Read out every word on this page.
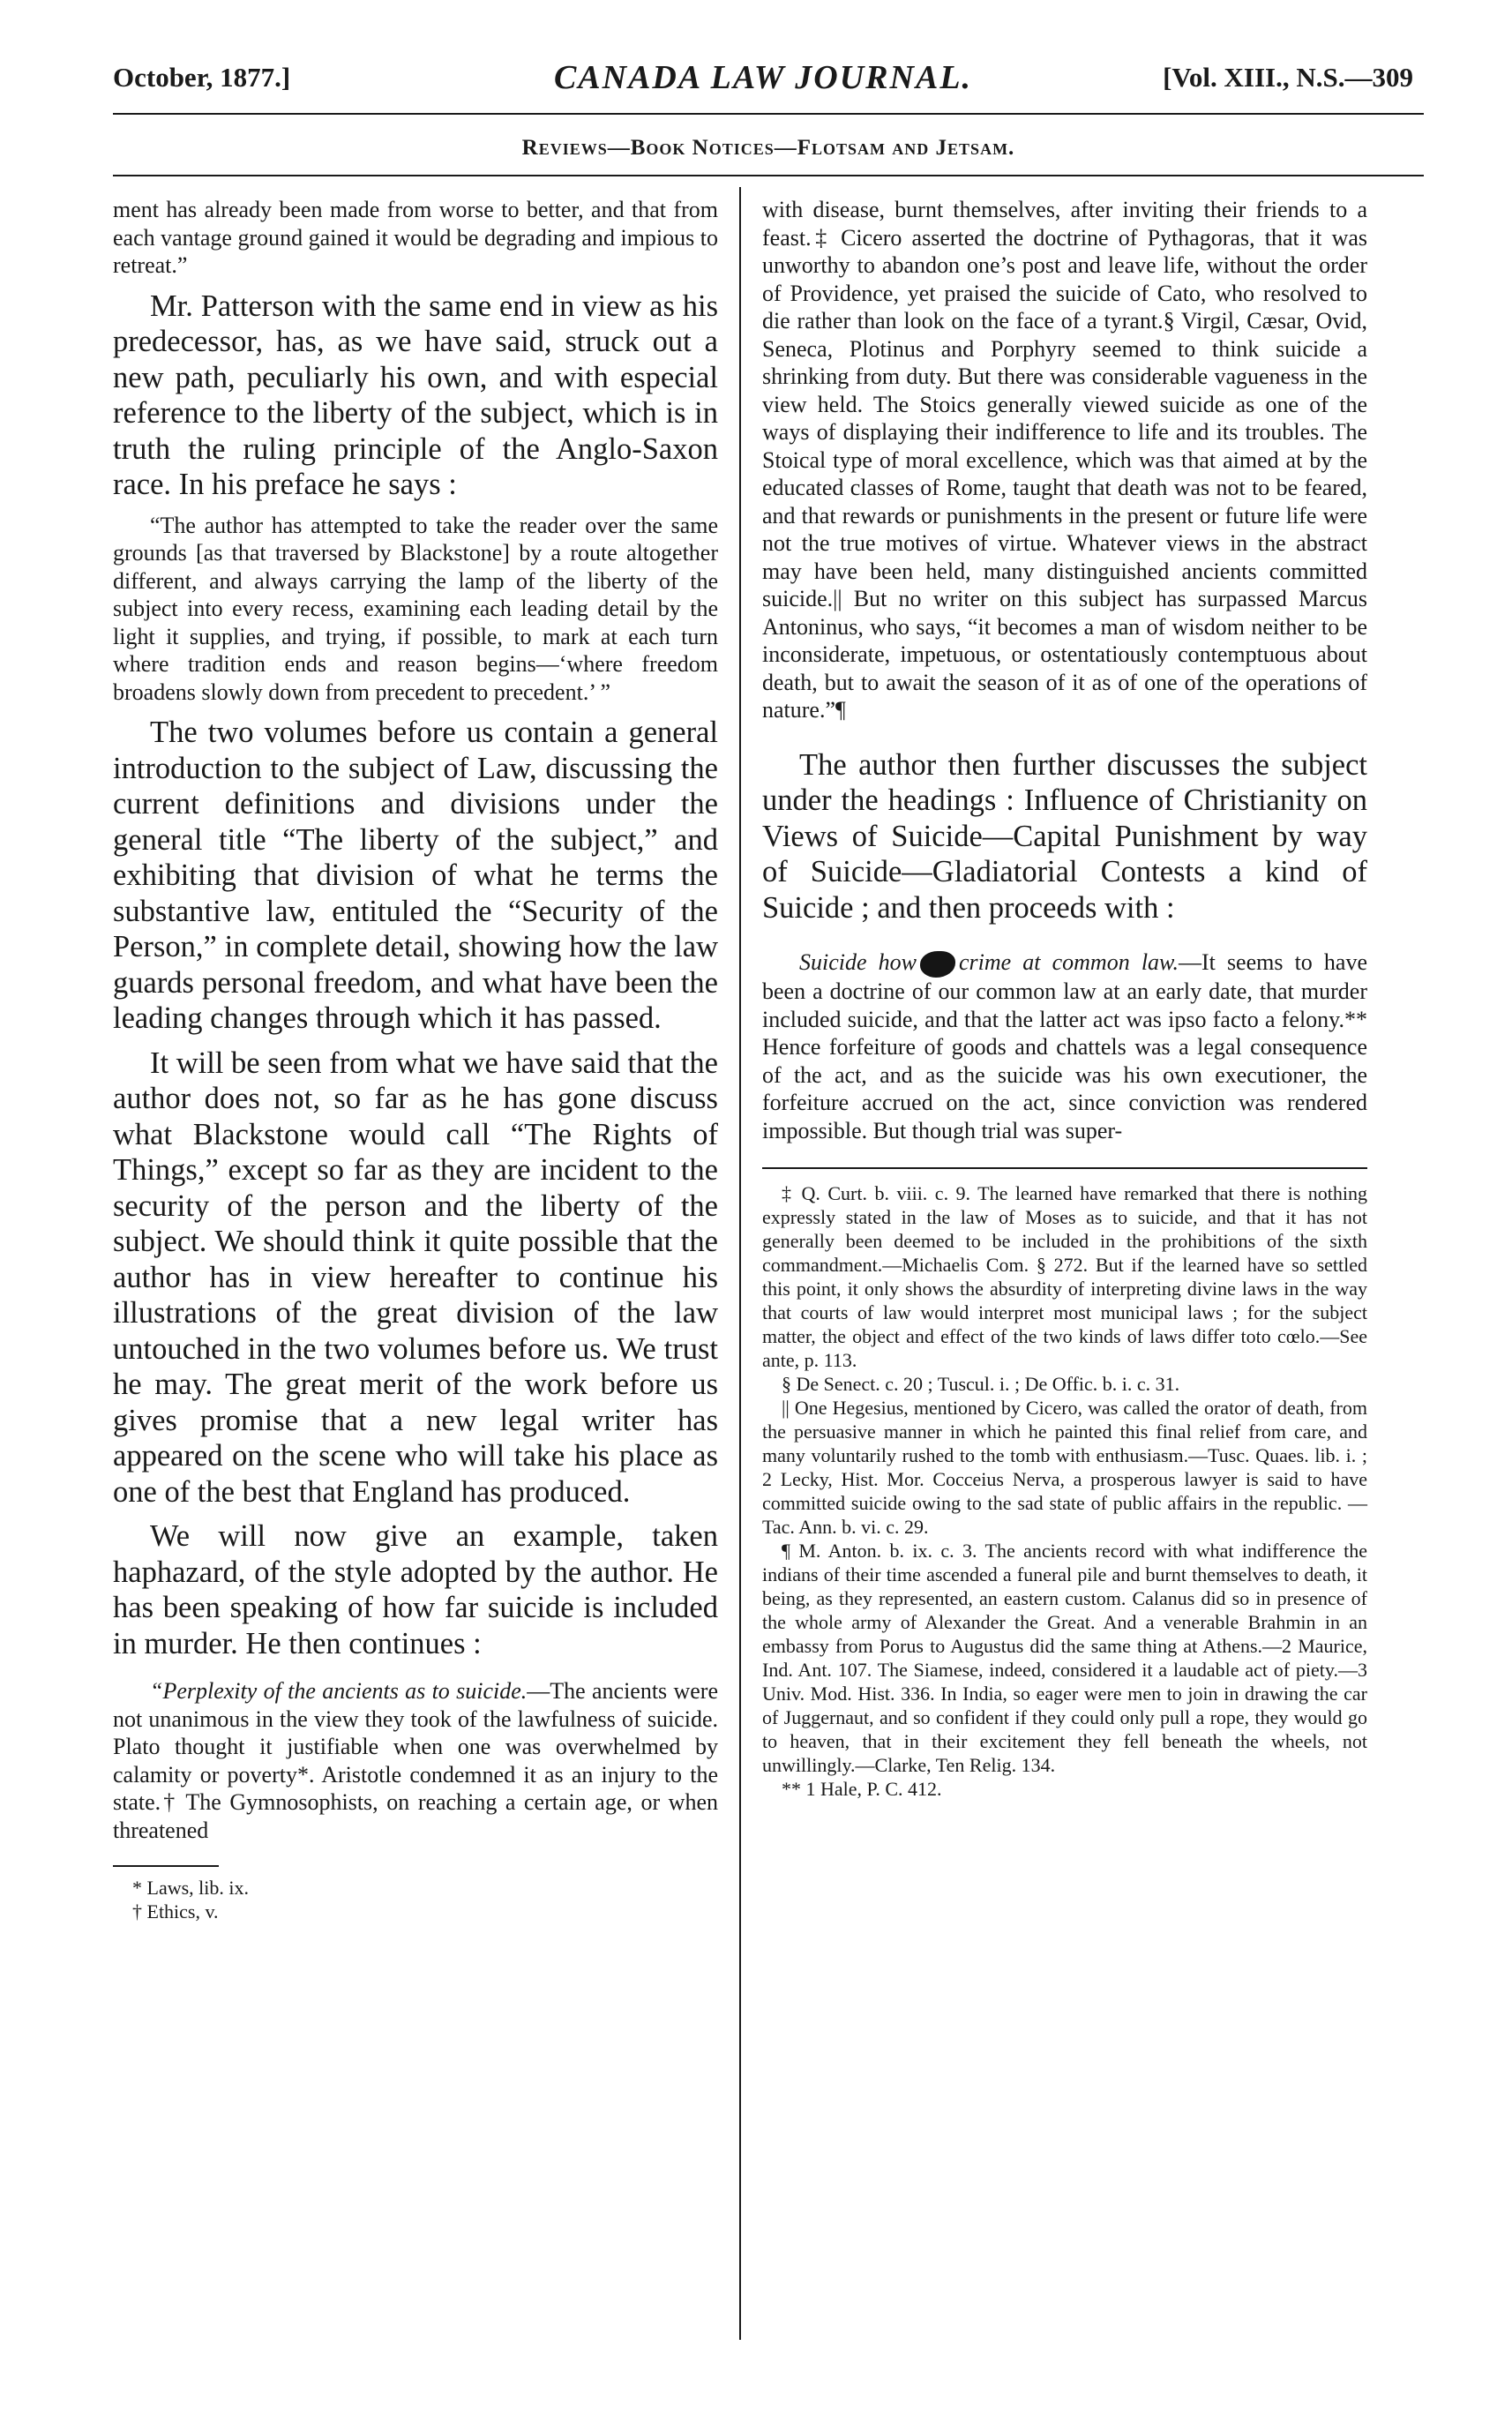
October, 1877.]	CANADA LAW JOURNAL.	[Vol. XIII., N.S.—309
Reviews—Book Notices—Flotsam and Jetsam.

ment has already been made from worse to better, and that from each vantage ground gained it would be degrading and impious to retreat.”

Mr. Patterson with the same end in view as his predecessor, has, as we have said, struck out a new path, peculiarly his own, and with especial reference to the liberty of the subject, which is in truth the ruling principle of the Anglo-Saxon race. In his preface he says :

“The author has attempted to take the reader over the same grounds [as that traversed by Blackstone] by a route altogether different, and always carrying the lamp of the liberty of the subject into every recess, examining each leading detail by the light it supplies, and trying, if possible, to mark at each turn where tradition ends and reason begins—‘where freedom broadens slowly down from precedent to precedent.’ ”

The two volumes before us contain a general introduction to the subject of Law, discussing the current definitions and divisions under the general title “The liberty of the subject,” and exhibiting that division of what he terms the substantive law, entituled the “Security of the Person,” in complete detail, showing how the law guards personal freedom, and what have been the leading changes through which it has passed.

It will be seen from what we have said that the author does not, so far as he has gone discuss what Blackstone would call “The Rights of Things,” except so far as they are incident to the security of the person and the liberty of the subject. We should think it quite possible that the author has in view hereafter to continue his illustrations of the great division of the law untouched in the two volumes before us. We trust he may. The great merit of the work before us gives promise that a new legal writer has appeared on the scene who will take his place as one of the best that England has produced.

We will now give an example, taken haphazard, of the style adopted by the author. He has been speaking of how far suicide is included in murder. He then continues :

“Perplexity of the ancients as to suicide.—The ancients were not unanimous in the view they took of the lawfulness of suicide. Plato thought it justifiable when one was overwhelmed by calamity or poverty*. Aristotle condemned it as an injury to the state.† The Gymnosophists, on reaching a certain age, or when threatened

* Laws, lib. ix.

† Ethics, v.

with disease, burnt themselves, after inviting their friends to a feast.‡ Cicero asserted the doctrine of Pythagoras, that it was unworthy to abandon one’s post and leave life, without the order of Providence, yet praised the suicide of Cato, who resolved to die rather than look on the face of a tyrant.§ Virgil, Cæsar, Ovid, Seneca, Plotinus and Porphyry seemed to think suicide a shrinking from duty. But there was considerable vagueness in the view held. The Stoics generally viewed suicide as one of the ways of displaying their indifference to life and its troubles. The Stoical type of moral excellence, which was that aimed at by the educated classes of Rome, taught that death was not to be feared, and that rewards or punishments in the present or future life were not the true motives of virtue. Whatever views in the abstract may have been held, many distinguished ancients committed suicide.|| But no writer on this subject has surpassed Marcus Antoninus, who says, “it becomes a man of wisdom neither to be inconsiderate, impetuous, or ostentatiously contemptuous about death, but to await the season of it as of one of the operations of nature.”¶

The author then further discusses the subject under the headings : Influence of Christianity on Views of Suicide—Capital Punishment by way of Suicide—Gladiatorial Contests a kind of Suicide ; and then proceeds with :

Suicide how crime at common law.—It seems to have been a doctrine of our common law at an early date, that murder included suicide, and that the latter act was ipso facto a felony.** Hence forfeiture of goods and chattels was a legal consequence of the act, and as the suicide was his own executioner, the forfeiture accrued on the act, since conviction was rendered impossible. But though trial was super-

‡ Q. Curt. b. viii. c. 9. The learned have remarked that there is nothing expressly stated in the law of Moses as to suicide, and that it has not generally been deemed to be included in the prohibitions of the sixth commandment.—Michaelis Com. § 272. But if the learned have so settled this point, it only shows the absurdity of interpreting divine laws in the way that courts of law would interpret most municipal laws ; for the subject matter, the object and effect of the two kinds of laws differ toto cœlo.—See ante, p. 113.

§ De Senect. c. 20 ; Tuscul. i. ; De Offic. b. i. c. 31.

|| One Hegesius, mentioned by Cicero, was called the orator of death, from the persuasive manner in which he painted this final relief from care, and many voluntarily rushed to the tomb with enthusiasm.—Tusc. Quaes. lib. i. ; 2 Lecky, Hist. Mor. Cocceius Nerva, a prosperous lawyer is said to have committed suicide owing to the sad state of public affairs in the republic. —Tac. Ann. b. vi. c. 29.

¶ M. Anton. b. ix. c. 3. The ancients record with what indifference the indians of their time ascended a funeral pile and burnt themselves to death, it being, as they represented, an eastern custom. Calanus did so in presence of the whole army of Alexander the Great. And a venerable Brahmin in an embassy from Porus to Augustus did the same thing at Athens.—2 Maurice, Ind. Ant. 107. The Siamese, indeed, considered it a laudable act of piety.—3 Univ. Mod. Hist. 336. In India, so eager were men to join in drawing the car of Juggernaut, and so confident if they could only pull a rope, they would go to heaven, that in their excitement they fell beneath the wheels, not unwillingly.—Clarke, Ten Relig. 134.

** 1 Hale, P. C. 412.
